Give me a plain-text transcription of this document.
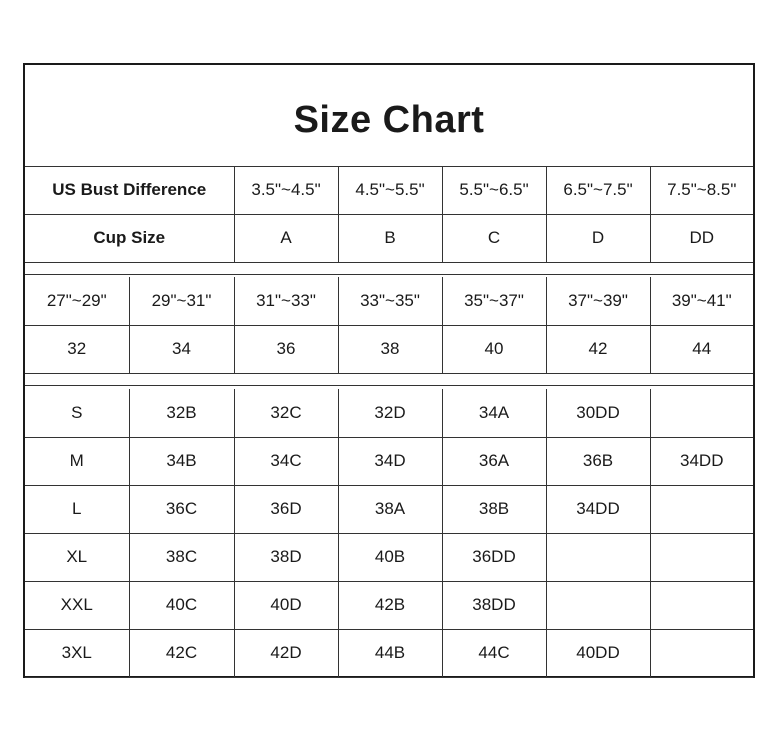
Size Chart
US Bust Difference	3.5"~4.5"	4.5"~5.5"	5.5"~6.5"	6.5"~7.5"	7.5"~8.5"
Cup Size	A	B	C	D	DD

27"~29"	29"~31"	31"~33"	33"~35"	35"~37"	37"~39"	39"~41"
32	34	36	38	40	42	44

S	32B	32C	32D	34A	30DD	
M	34B	34C	34D	36A	36B	34DD
L	36C	36D	38A	38B	34DD	
XL	38C	38D	40B	36DD		
XXL	40C	40D	42B	38DD		
3XL	42C	42D	44B	44C	40DD	
